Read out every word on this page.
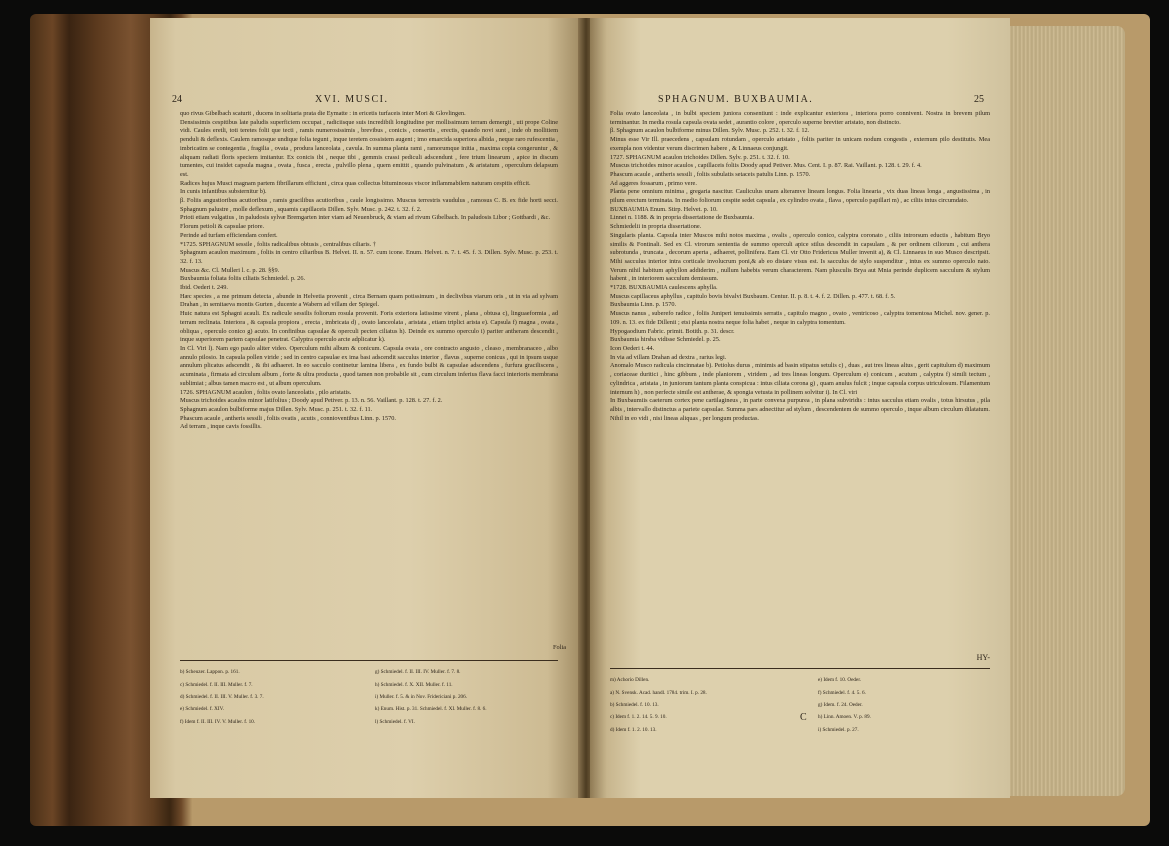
24	XVI. MUSCI.

quo rivus Gibelbach scaturit , ducens in solitaria prata die Eymatte : in ericetis turfaceis inter Mori & Glovlingen.

Densissimis cespitibus late paludis superficiem occupat , radiciisque suis incredibili longitudine per mollissimum terram demergit , uti prope Coline vidi. Caules eretli, toti teretes folii que tecti , ramis numerosissimis , brevibus , conicis , consertis , erectis, quando novi sunt , inde ob mollitiem penduli & deflexis. Caulem ramosque undique folia tegunt , inque teretem cossistem augent ; imo emarcida superiora albida , neque raro rufescentia , imbricatim se contegentia , fragilia , ovata , produra lanceolata , cavula. In summa planta rami , ramorumque initia , maxima copia congeruntur , & aliquam radiati floris speciem imitantur. Ex conicis ibi , neque tibi , gemmis crassi pediculi adscendunt , fere trium linearum , apice in discum tumentes, cui insidet capsula magna , ovata , fusca , erecta , pulvillo plena , quem emittit , quando pulvinatum , & aristatum , operculum delapsum est.

Radices hujus Musci magnam partem fibrillarum efficiunt , circa quas collectus bituminosus viscor inflammabilem naturam cespitis efficit.

In cunis infantibus substernitur b).

β. Foliis angustioribus acutioribus , ramis gracilibus acutioribus , caule longissimo. Muscus terrestris vaudulus , ramosus C. B. ex fide horti secci. Sphagnum palustre , molle deflexum , squamis capillaceis Dillen. Sylv. Musc. p. 242. t. 32. f. 2.

Prioti etiam vulgatius , in paludosis sylvæ Bremgarten inter viam ad Neuenbruck, & viam ad rivum Gibelbach. In paludosis Libor ; Gottbardi , &c.

Florum petioli & capsulae priore.

Perinde ad turfam efficiendam confert.

*1725. SPHAGNUM sessile , foliis radicalibus obtusis , centralibus ciliaris. †

Sphagnum acaulon maximum , foliis in centro ciliaribus B. Helvet. II. n. 57. cum icone. Enum. Helvet. n. 7. t. 45. f. 3. Dillen. Sylv. Musc. p. 253. t. 32. f. 13.

Muscus &c. Cl. Mulleri l. c. p. 28. §§9.

Buxbaumia foliata foliis ciliatis Schmiedel. p. 26.

Ibid. Oederi t. 249.

Hæc species , a me primum detecta , abunde in Helvetia provenit , circa Bernam quam potissimum , in declivibus viarum oris , ut in via ad sylvam Drahan , in semitaeva montis Gurten , ducente a Wabern ad villam der Spiegel.

Huic natura est Sphagni acauli. Ex radicule sessilis foliorum rosula provenit. Foris exteriora latissime virent , plana , obtusa c), linguaeformia , ad terram reclinata. Interiora , & capsula propiora , erecta , imbricata d) , ovato lanceolata , aristata , etiam triplici arista e). Capsula f) magna , ovata , obliqua , operculo conico g) acuto. In confinibus capsulae & operculi pecten ciliatus h). Deinde ex summo operculo i) pariter antheram descendit , inque superiorem partem capsulae penetrat. Calyptra operculo arcte adplicatur k).

In Cl. Viri l). Nam ego paulo aliter video. Operculum mihi album & conicum. Capsula ovata , ore contracto angusto , cleaso , membranaceo , albo annulo pilosio. In capsula pollen viride ; sed in centro capsulae ex ima basi adscendit sacculus interior , flavus , superne conicus , qui in ipsum usque annulum plicatus adscendit , & ibi adhaeret. In eo sacculo continetur lamina libera , ex fundo bulbi & capsulae adscendens , furfura graciliscens , acuminata , firmata ad circulum album , forte & ultra producta , quod tamen non probabile sit , cum circulum inferius flava facci interioris membrana sublimiat ; albus tamen macro est , ut album operculum.

1726. SPHAGNUM acaulon , foliis ovato lanceolatis , pilo aristatis.

Muscus trichoides acaulos minor latifolius ; Doody apud Petiver. p. 13. n. 56. Vaillant. p. 128. t. 27. f. 2.

Sphagnum acaulon bulbiforme majus Dillen. Sylv. Musc. p. 251. t. 32. f. 11.

Phascum acaule , antheris sessili , foliis ovatis , acutis , connioventibus Linn. p. 1570.

Ad terram , inque cavis fossillis.

Folia

b) Scheuzer. Lappon. p. 161.

c) Schmiedel. f. II. III. Muller. f. 7.

d) Schmiedel. f. II. III. V. Muller. f. 3. 7.

e) Schmiedel. f. XIV.

f) Idem f. II. III. IV. V. Muller. f. 10.

g) Schmiedel. f. II. III. IV. Muller. f. 7. 8.

h) Schmiedel. f. X. XII. Muller. f. 11.

i) Muller. f. 5. & in Nov. Fridericiani p. 206.

k) Enum. Hist. p. 31. Schmiedel. f. XI. Muller. f. 8. 6.

l) Schmiedel. f. VI.

SPHAGNUM. BUXBAUMIA.	25

Folia ovato lanceolata , in bulbi speciem juniora consentiunt : inde explicantur exteriora , interiora porro connivent. Nostra in brevem pilum terminantur. In media rosula capsula ovata sedet , aurantio colore , operculo superne breviter aristato, non distincto.

β. Sphagnum acaulon bulbiforme minus Dillen. Sylv. Musc. p. 252. t. 32. f. 12.

Minus esse Vir Ill. praecedens , capsulam rotundam , operculo aristato , foliis pariter in unicam nodum congestis , externum pilo destitutis. Mea exempla non videntur verum discrimen habere , & Linnaeus conjungit.

1727. SPHAGNUM acaulon trichoides Dillen. Sylv. p. 251. t. 32. f. 10.

Muscus trichoides minor acaulos , capillaceis foliis Doody apud Petiver. Mus. Cent. I. p. 87. Rai. Vaillant. p. 128. t. 29. f. 4.

Phascum acaule , antheris sessili , foliis subulatis setaceis patulis Linn. p. 1570.

Ad aggeres fossarum , primo vere.

Planta pene omnium minima , gregaria nascitur. Cauliculus unam alteramve lineam longus. Folia linearia , vix duas lineas longa , angustissima , in pilum erectum terminata. In medio foliorum cespite sedet capsula , ex cylindro ovata , flava , operculo papillari m) , ac ciliis intus circumdato.

BUXBAUMIA Enum. Stirp. Helvet. p. 10.

Linnei n. 1188. & in propria dissertatione de Buxbaumia.

Schmiedelii in propria dissertatione.

Singularis planta. Capsula inter Muscos mihi notos maxima , ovalis , operculo conico, calyptra coronato , ciliis introrsum eductis , habitum Bryo similis & Fontinali. Sed ex Cl. virorum sententia de summo operculi apice stilus descendit in capsulam , & per ordinem ciliorum , cui anthera subrotunda , truncata , decorum aperta , adhaeret, pollinifera. Eam Cl. vir Otto Fridericus Muller invenit a), & Cl. Linnaeus in suo Musco descripsit. Mihi sacculus interior intra corticale involucrum poni,& ab eo distare visus est. Is sacculus de stylo suspenditur , intus ex summo operculo nato. Verum nihil habitum aphyllon addiderim , nullum habebis verum characterem. Nam plusculis Brya aut Mnia perinde duplicem sacculum & stylum habent , in interiorem sacculum demissum.

*1728. BUXBAUMIA caulescens aphylla.

Muscus capillaceus aphyllus , capitulo bovis bivalvi Buxbaum. Centur. II. p. 8. t. 4. f. 2. Dillen. p. 477. t. 68. f. 5.

Buxbaumia Linn. p. 1570.

Muscus nanus , suberefo radice , foliis Juniperi tenuissimis serratis , capitulo magno , ovato , ventricoso , calyptra tomentosa Michel. nov. gener. p. 109. n. 13. ex fide Dillenii ; etsi planta nostra neque folia habet , neque in calyptra tomentum.

Hypogaodium Fabric. primit. Botith. p. 31. descr.

Buxbaumia hirsba vidisse Schmiedel. p. 25.

Icon Oederi t. 44.

In via ad villam Drahan ad dextra , rarius legi.

Anomalo Musco radicula cincinnatae b). Petiolus durus , minimis ad basin stipatus setulis c) , duas , aut tres lineas altus , gerit capitulum d) maximum , coriaceae duritici , hinc gibbum , inde planiorem , viridem , ad tres lineas longum. Operculum e) conicum , acutum , calyptra f) simili tectum , cylindrica , aristata , in juniorum tantum planta conspicua : intus ciliata corona g) , quam anulus fulcit ; inque capsula corpus utriculosum. Filamentum internum h) , non perfecte simile est antherae, & spongia vetusta in pollinem solvitur i). In Cl. viri

In Buxbaumiis caeterum cortex pene cartilagineus , in parte convexa purpurea , in plana subviridis : intus sacculus etiam ovalis , totus hirsutus , pila albis , intervallo distinctus a pariete capsulae. Summa pars adnectitur ad stylum , descendentem de summo operculo , inque album circulum dilatatum. Nihil in eo vidi , nisi lineas aliquas , per longum productas.

HY-

m) Achorio Dillen.

a) N. Svensk. Acad. handl. 1784. trim. I. p. 28.

b) Schmiedel. f. 10. 13.

c) Idem f. 1. 2. 14. 5. 9. 10.

d) Idem f. 1. 2. 10. 13.

e) Idem f. 10. Oeder.

f) Schmiedel. f. 4. 5. 6.

g) Idem. f. 24. Oeder.

h) Linn. Amoen. V. p. 89.

i) Schmiedel. p. 27.

C
